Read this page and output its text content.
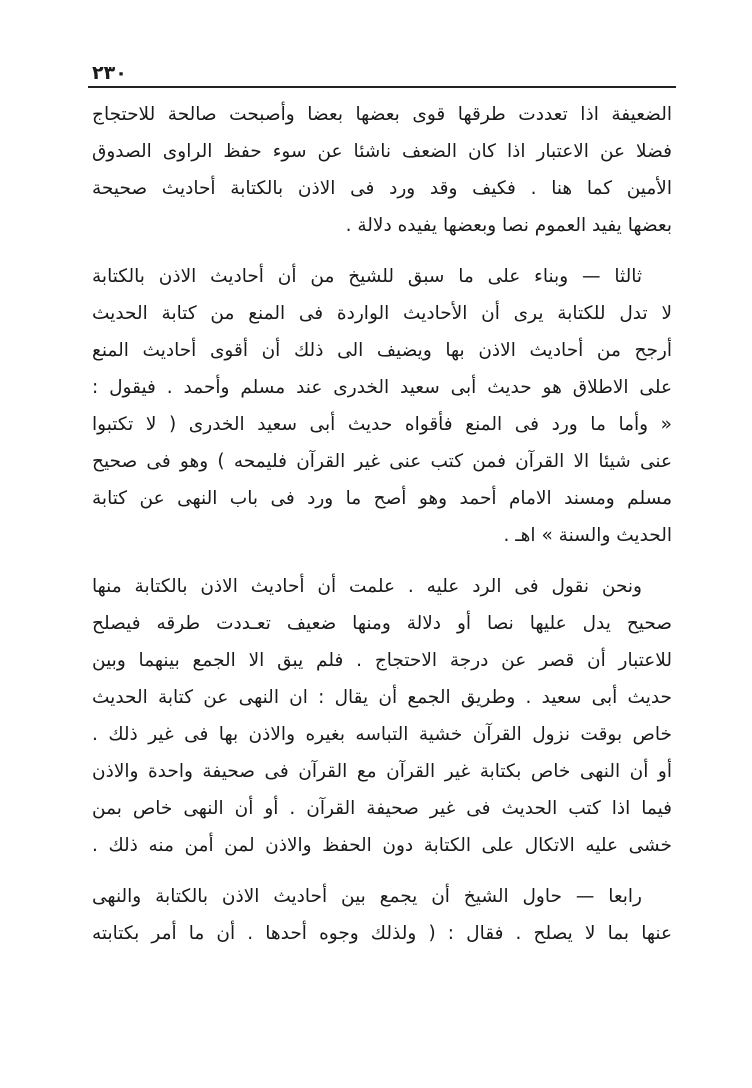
٢٣٠
الضعيفة اذا تعددت طرقها قوى بعضها بعضا وأصبحت صالحة للاحتجاج
فضلا عن الاعتبار اذا كان الضعف ناشئا عن سوء حفظ الراوى الصدوق
الأمين كما هنا . فكيف وقد ورد فى الاذن بالكتابة أحاديث صحيحة
بعضها يفيد العموم نصا وبعضها يفيده دلالة .
ثالثا — وبناء على ما سبق للشيخ من أن أحاديث الاذن بالكتابة
لا تدل للكتابة يرى أن الأحاديث الواردة فى المنع من كتابة الحديث
أرجح من أحاديث الاذن بها ويضيف الى ذلك أن أقوى أحاديث المنع
على الاطلاق هو حديث أبى سعيد الخدرى عند مسلم وأحمد . فيقول :
« وأما ما ورد فى المنع فأقواه حديث أبى سعيد الخدرى ( لا تكتبوا
عنى شيئا الا القرآن فمن كتب عنى غير القرآن فليمحه ) وهو فى صحيح
مسلم ومسند الامام أحمد وهو أصح ما ورد فى باب النهى عن كتابة
الحديث والسنة » اهـ .
ونحن نقول فى الرد عليه . علمت أن أحاديث الاذن بالكتابة منها
صحيح يدل عليها نصا أو دلالة ومنها ضعيف تعـددت طرقه فيصلح
للاعتبار أن قصر عن درجة الاحتجاج . فلم يبق الا الجمع بينهما وبين
حديث أبى سعيد . وطريق الجمع أن يقال : ان النهى عن كتابة الحديث
خاص بوقت نزول القرآن خشية التباسه بغيره والاذن بها فى غير ذلك .
أو أن النهى خاص بكتابة غير القرآن مع القرآن فى صحيفة واحدة والاذن
فيما اذا كتب الحديث فى غير صحيفة القرآن . أو أن النهى خاص بمن
خشى عليه الاتكال على الكتابة دون الحفظ والاذن لمن أمن منه ذلك .
رابعا — حاول الشيخ أن يجمع بين أحاديث الاذن بالكتابة والنهى
عنها بما لا يصلح . فقال : ( ولذلك وجوه أحدها . أن ما أمر بكتابته
